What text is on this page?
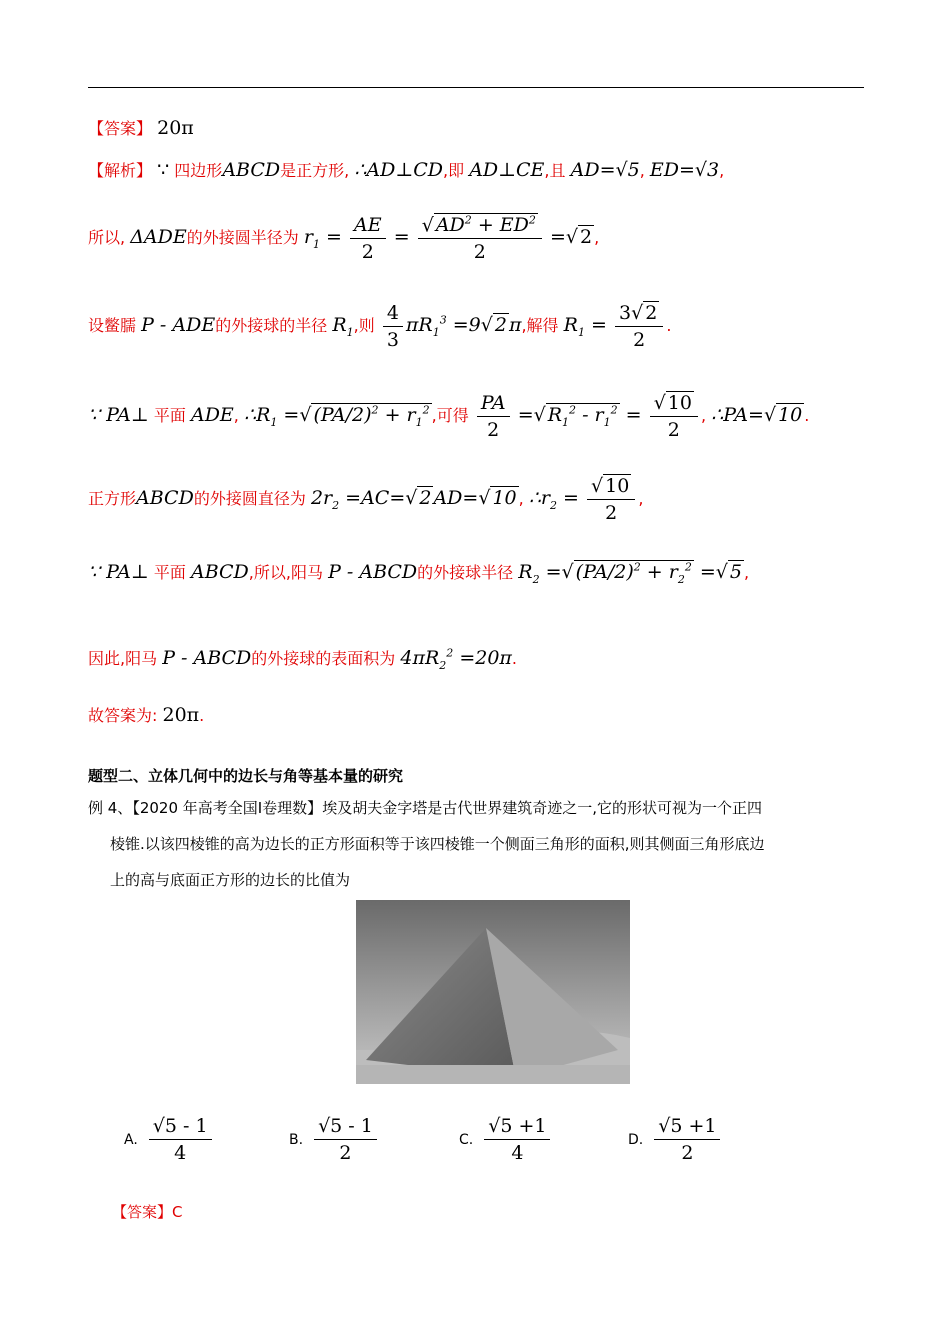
【答案】 20π
【解析】 ∵ 四边形ABCD是正方形, ∴AD⊥CD,即 AD⊥CE,且 AD=√5, ED=√3,
所以, ΔADE的外接圆半径为 $r_1 = \frac{AE}{2} = \frac{√ AD^2 + ED^2}{2}$ =√ 2 ,
设鳖臑 P - ADE的外接球的半径 $R_1$,则 $\frac{4}{3} \pi R_1^3 =9√$ 2 π,解得 $R_1 = \frac{3√ 2}{2}$ .
∵ PA⊥ 平面 ADE, $\therefore R_1$ =√ $(PA/2)^2 + r_1^2$ ,可得 $\frac{PA}{2}$ =√ $R_1^2 - r_1^2 = \frac{√ 10}{2}$ , ∴PA=√ 10 .
正方形ABCD的外接圆直径为 $2r_2 =AC=√$ 2 AD=√ 10 , $\therefore r_2 = \frac{√ 10}{2}$ ,
∵ PA⊥ 平面 ABCD,所以,阳马 P - ABCD的外接球半径 $R_2$ =√ $(PA/2)^2 + r_2^2$ =√ 5 ,
因此,阳马 P - ABCD的外接球的表面积为 $4\pi R_2^2 =20\pi$.
故答案为: 20π.
题型二、立体几何中的边长与角等基本量的研究
例 4、【2020 年高考全国Ⅰ卷理数】埃及胡夫金字塔是古代世界建筑奇迹之一,它的形状可视为一个正四
棱锥.以该四棱锥的高为边长的正方形面积等于该四棱锥一个侧面三角形的面积,则其侧面三角形底边
上的高与底面正方形的边长的比值为
A. $\frac{√5 - 1}{4}$	B. $\frac{√5 - 1}{2}$	C. $\frac{√5 +1}{4}$	D. $\frac{√5 +1}{2}$
【答案】C
